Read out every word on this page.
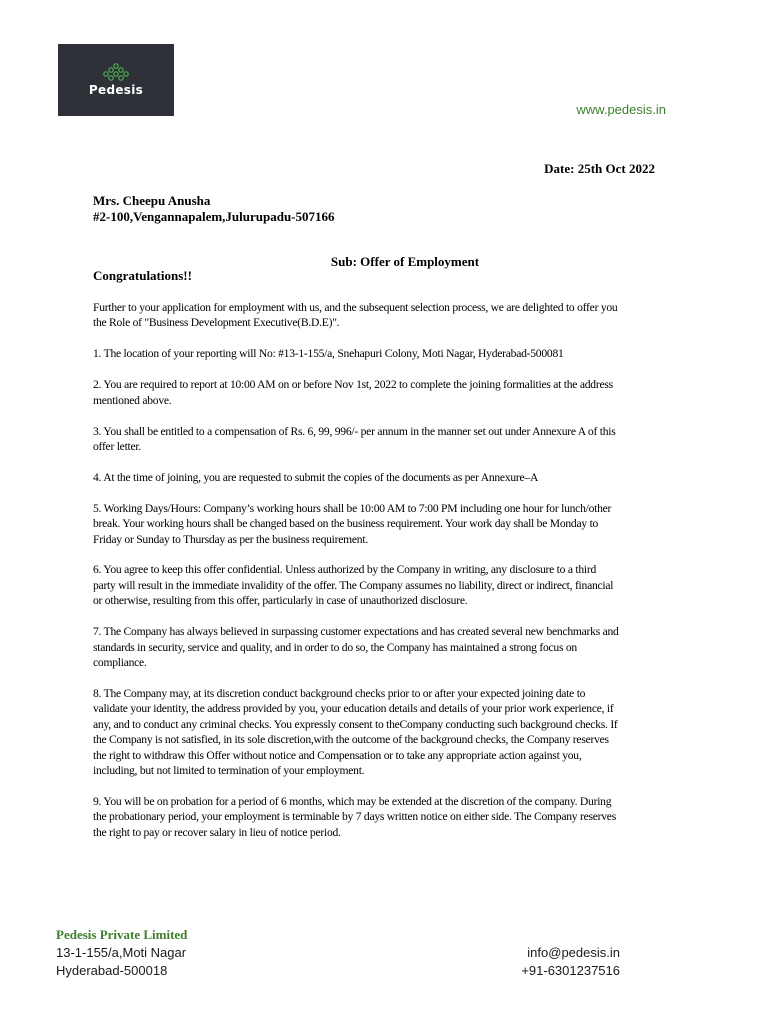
Pedesis
www.pedesis.in
Date: 25th Oct 2022
Mrs. Cheepu Anusha
#2-100,Vengannapalem,Julurupadu-507166
Sub: Offer of Employment
Congratulations!!

Further to your application for employment with us, and the subsequent selection process, we are delighted to offer you the Role of "Business Development Executive(B.D.E)".

1. The location of your reporting will No: #13-1-155/a, Snehapuri Colony, Moti Nagar, Hyderabad-500081

2. You are required to report at 10:00 AM on or before Nov 1st, 2022 to complete the joining formalities at the address mentioned above.

3. You shall be entitled to a compensation of Rs. 6, 99, 996/- per annum in the manner set out under Annexure A of this offer letter.

4. At the time of joining, you are requested to submit the copies of the documents as per Annexure–A

5. Working Days/Hours: Company’s working hours shall be 10:00 AM to 7:00 PM including one hour for lunch/other break. Your working hours shall be changed based on the business requirement. Your work day shall be Monday to Friday or Sunday to Thursday as per the business requirement.

6. You agree to keep this offer confidential. Unless authorized by the Company in writing, any disclosure to a third party will result in the immediate invalidity of the offer. The Company assumes no liability, direct or indirect, financial or otherwise, resulting from this offer, particularly in case of unauthorized disclosure.

7. The Company has always believed in surpassing customer expectations and has created several new benchmarks and standards in security, service and quality, and in order to do so, the Company has maintained a strong focus on compliance.

8. The Company may, at its discretion conduct background checks prior to or after your expected joining date to validate your identity, the address provided by you, your education details and details of your prior work experience, if any, and to conduct any criminal checks. You expressly consent to theCompany conducting such background checks. If the Company is not satisfied, in its sole discretion,with the outcome of the background checks, the Company reserves the right to withdraw this Offer without notice and Compensation or to take any appropriate action against you, including, but not limited to termination of your employment.

9. You will be on probation for a period of 6 months, which may be extended at the discretion of the company. During the probationary period, your employment is terminable by 7 days written notice on either side. The Company reserves the right to pay or recover salary in lieu of notice period.

Pedesis Private Limited
13-1-155/a,Moti Nagar
Hyderabad-500018
info@pedesis.in
+91-6301237516
